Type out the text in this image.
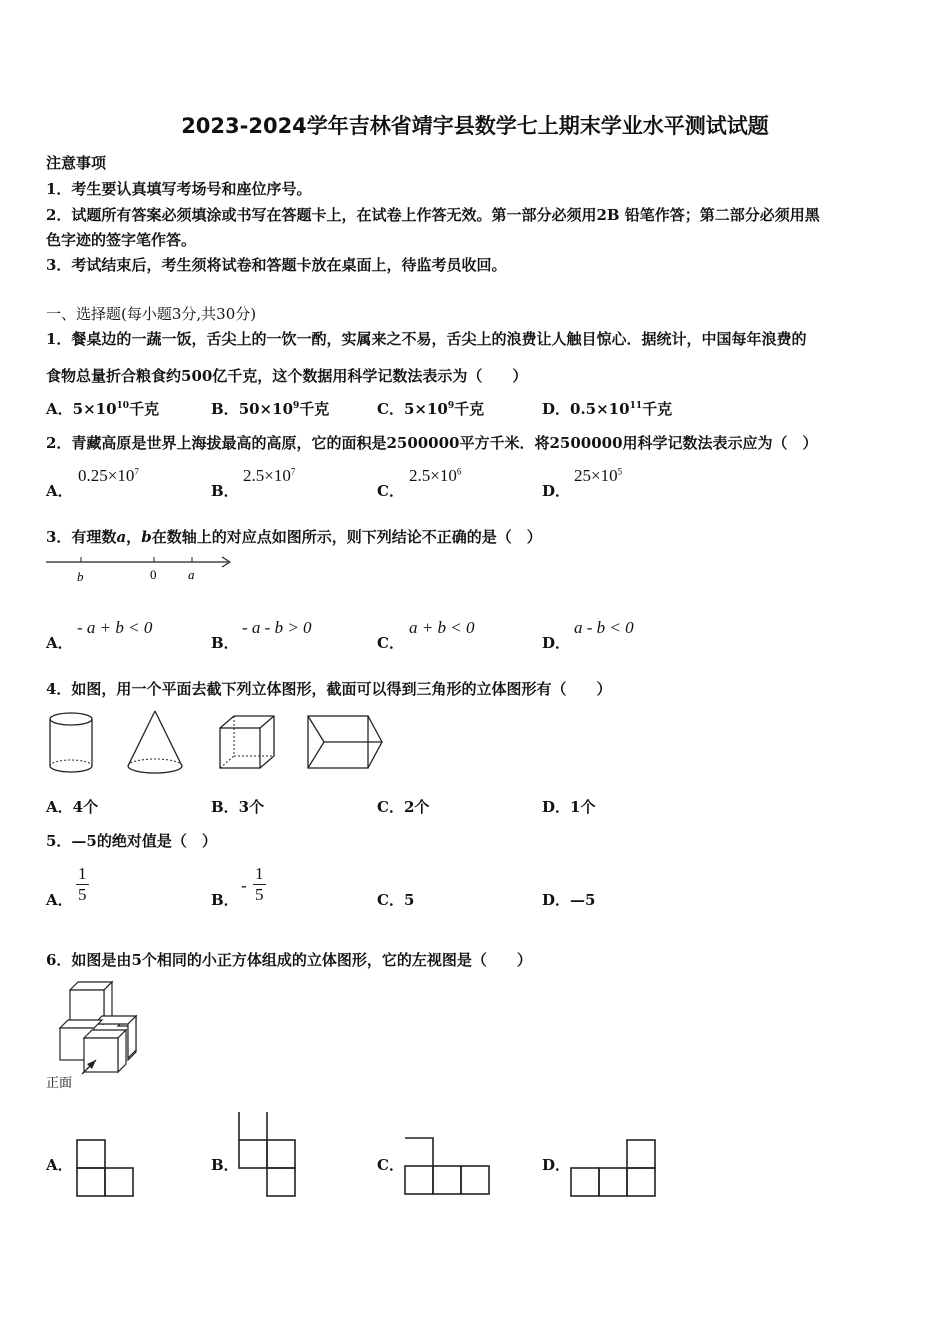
2023-2024学年吉林省靖宇县数学七上期末学业水平测试试题
注意事项
1．考生要认真填写考场号和座位序号。
2．试题所有答案必须填涂或书写在答题卡上，在试卷上作答无效。第一部分必须用2B 铅笔作答；第二部分必须用黑
色字迹的签字笔作答。
3．考试结束后，考生须将试卷和答题卡放在桌面上，待监考员收回。
一、选择题(每小题3分,共30分)
1．餐桌边的一蔬一饭，舌尖上的一饮一酌，实属来之不易，舌尖上的浪费让人触目惊心．据统计，中国每年浪费的
食物总量折合粮食约500亿千克，这个数据用科学记数法表示为（　　）
A．$5\times 10^{10}$千克	B．$50\times 10^9$千克	C．$5\times 10^9$千克	D．$0.5\times 10^{11}$千克
2．青藏高原是世界上海拔最高的高原，它的面积是2500000平方千米．将2500000用科学记数法表示应为（　）
A．
$0.25\times 10^7$
B．
$2.5\times 10^7$
C．
$2.5\times 10^6$
D．
$25\times 10^5$
3．有理数a，b在数轴上的对应点如图所示，则下列结论不正确的是（　）
b	0 a
A．
- a + b < 0
B．
- a - b > 0
C．
a + b < 0
D．
a - b < 0
4．如图，用一个平面去截下列立体图形，截面可以得到三角形的立体图形有（　　）
A．4个	B．3个	C．2个	D．1个
5．—5的绝对值是（　）
A． $\frac{1}{5}$	B．
- $\frac{1}{5}$	C．5	D．—5
6．如图是由5个相同的小正方体组成的立体图形，它的左视图是（　　）
正面
A．	B．	C．	D．
